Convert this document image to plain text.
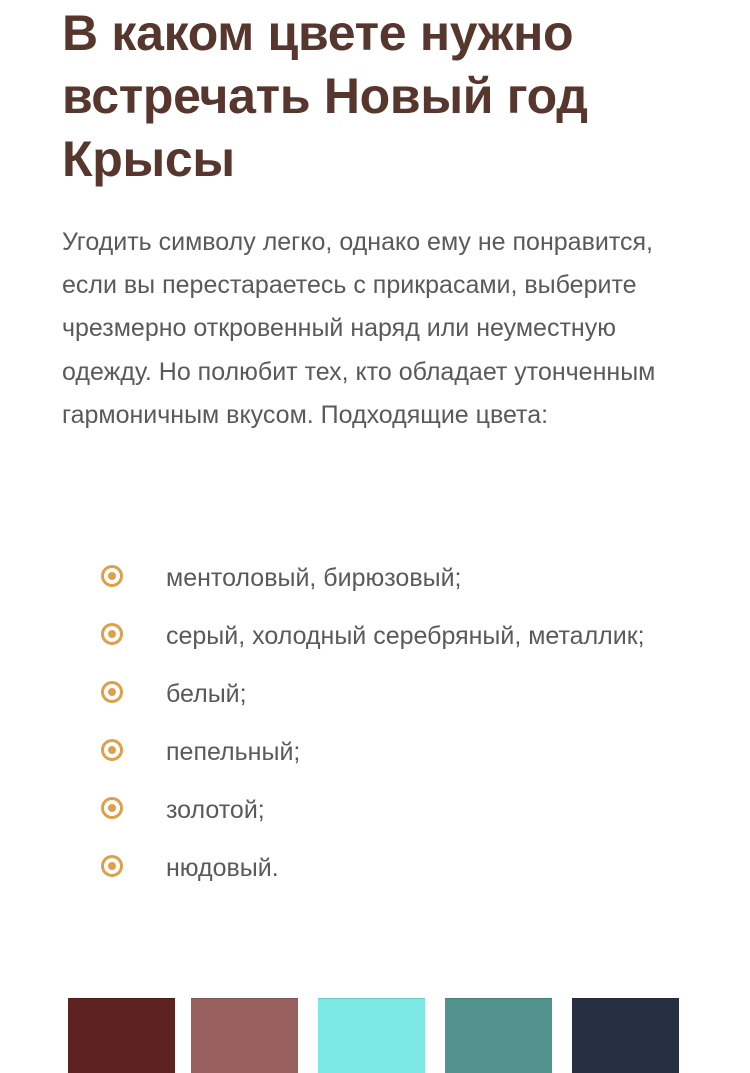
В каком цвете нужно встречать Новый год Крысы

Угодить символу легко, однако ему не понравится, если вы перестараетесь с прикрасами, выберите чрезмерно откровенный наряд или неуместную одежду. Но полюбит тех, кто обладает утонченным гармоничным вкусом. Подходящие цвета:

ментоловый, бирюзовый;
серый, холодный серебряный, металлик;
белый;
пепельный;
золотой;
нюдовый.
